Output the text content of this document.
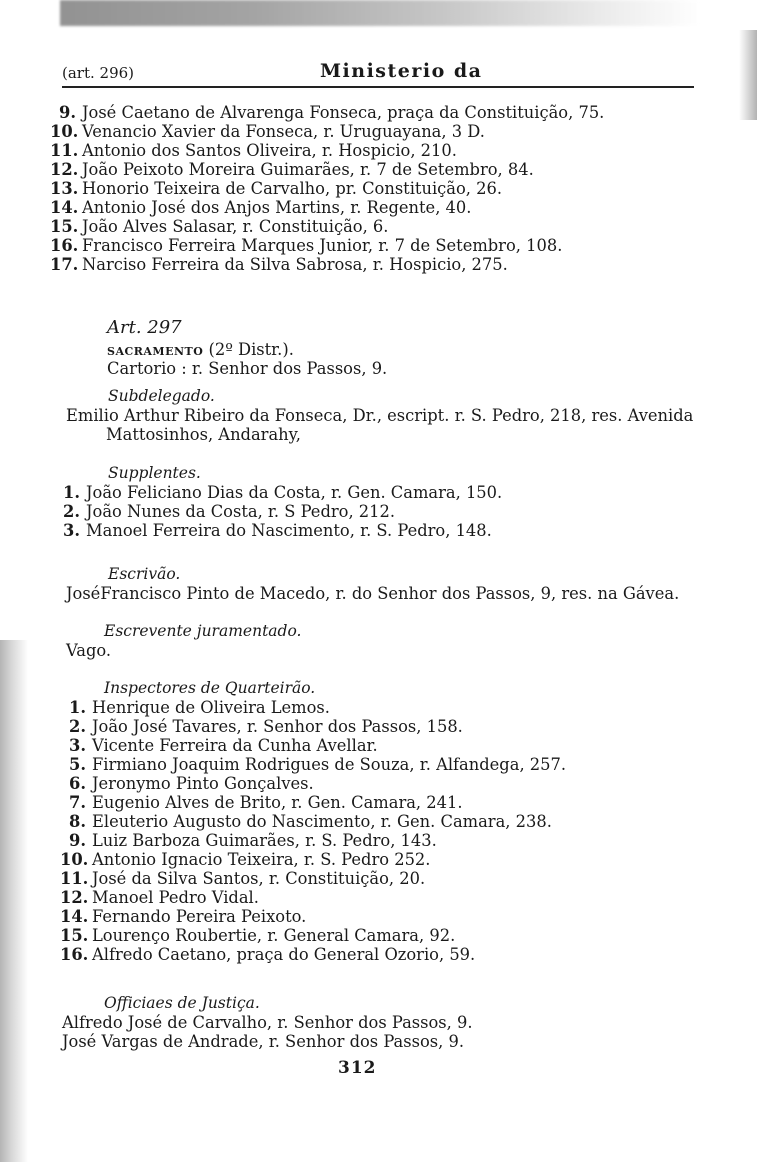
(art. 296)	Ministerio da
9. José Caetano de Alvarenga Fonseca, praça da Constituição, 75.
10. Venancio Xavier da Fonseca, r. Uruguayana, 3 D.
11. Antonio dos Santos Oliveira, r. Hospicio, 210.
12. João Peixoto Moreira Guimarães, r. 7 de Setembro, 84.
13. Honorio Teixeira de Carvalho, pr. Constituição, 26.
14. Antonio José dos Anjos Martins, r. Regente, 40.
15. João Alves Salasar, r. Constituição, 6.
16. Francisco Ferreira Marques Junior, r. 7 de Setembro, 108.
17. Narciso Ferreira da Silva Sabrosa, r. Hospicio, 275.
Art. 297
SACRAMENTO (2º Distr.).
Cartorio : r. Senhor dos Passos, 9.
Subdelegado.
Emilio Arthur Ribeiro da Fonseca, Dr., escript. r. S. Pedro, 218, res. Avenida
Mattosinhos, Andarahy,
Supplentes.
1. João Feliciano Dias da Costa, r. Gen. Camara, 150.
2. João Nunes da Costa, r. S Pedro, 212.
3. Manoel Ferreira do Nascimento, r. S. Pedro, 148.
Escrivão.
JoséFrancisco Pinto de Macedo, r. do Senhor dos Passos, 9, res. na Gávea.
Escrevente juramentado.
Vago.
Inspectores de Quarteirão.
1. Henrique de Oliveira Lemos.
2. João José Tavares, r. Senhor dos Passos, 158.
3. Vicente Ferreira da Cunha Avellar.
5. Firmiano Joaquim Rodrigues de Souza, r. Alfandega, 257.
6. Jeronymo Pinto Gonçalves.
7. Eugenio Alves de Brito, r. Gen. Camara, 241.
8. Eleuterio Augusto do Nascimento, r. Gen. Camara, 238.
9. Luiz Barboza Guimarães, r. S. Pedro, 143.
10. Antonio Ignacio Teixeira, r. S. Pedro 252.
11. José da Silva Santos, r. Constituição, 20.
12. Manoel Pedro Vidal.
14. Fernando Pereira Peixoto.
15. Lourenço Roubertie, r. General Camara, 92.
16. Alfredo Caetano, praça do General Ozorio, 59.
Officiaes de Justiça.
Alfredo José de Carvalho, r. Senhor dos Passos, 9.
José Vargas de Andrade, r. Senhor dos Passos, 9.
312
